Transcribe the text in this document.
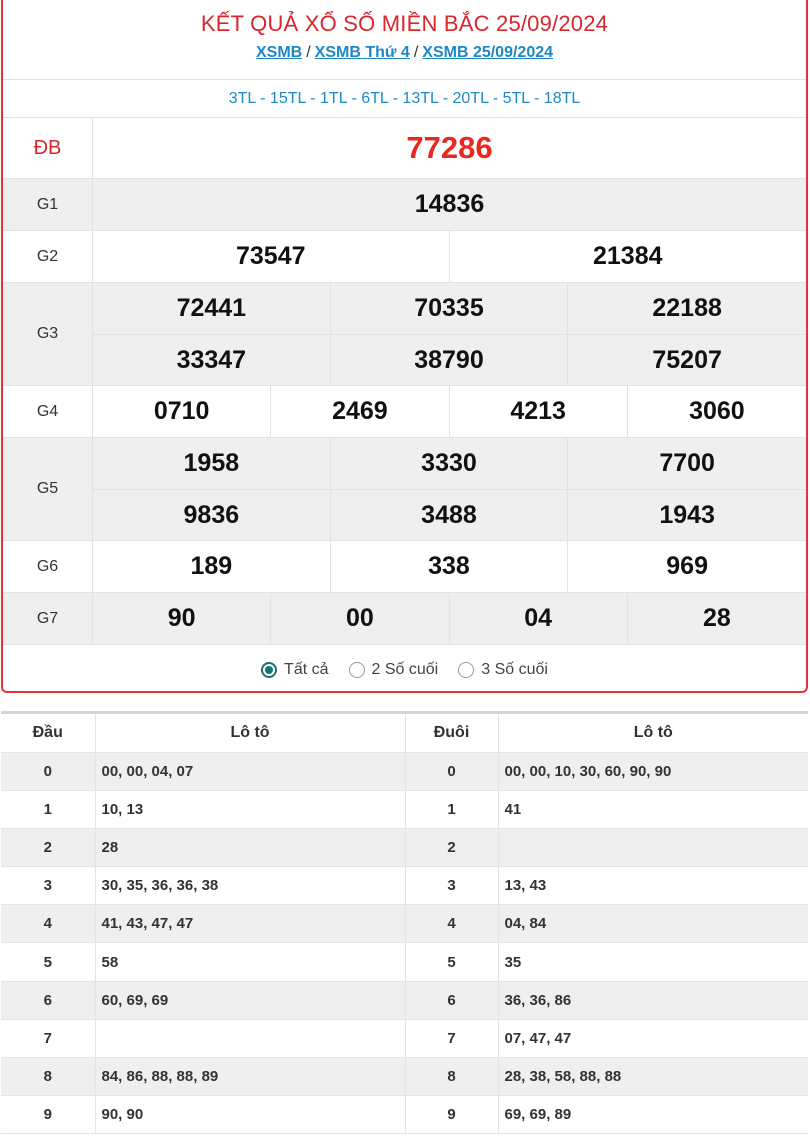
KẾT QUẢ XỔ SỐ MIỀN BẮC 25/09/2024
XSMB / XSMB Thứ 4 / XSMB 25/09/2024
3TL - 15TL - 1TL - 6TL - 13TL - 20TL - 5TL - 18TL
ĐB	77286
G1	14836
G2	73547	21384
G3
72441	70335	22188
33347	38790	75207
G4	0710	2469	4213	3060
G5
1958	3330	7700
9836	3488	1943
G6	189	338	969
G7	90	00	04	28
Tất cả	2 Số cuối	3 Số cuối
Đầu	Lô tô	Đuôi	Lô tô
0	00, 00, 04, 07	0	00, 00, 10, 30, 60, 90, 90
1	10, 13	1	41
2	28	2	
3	30, 35, 36, 36, 38	3	13, 43
4	41, 43, 47, 47	4	04, 84
5	58	5	35
6	60, 69, 69	6	36, 36, 86
7		7	07, 47, 47
8	84, 86, 88, 88, 89	8	28, 38, 58, 88, 88
9	90, 90	9	69, 69, 89
